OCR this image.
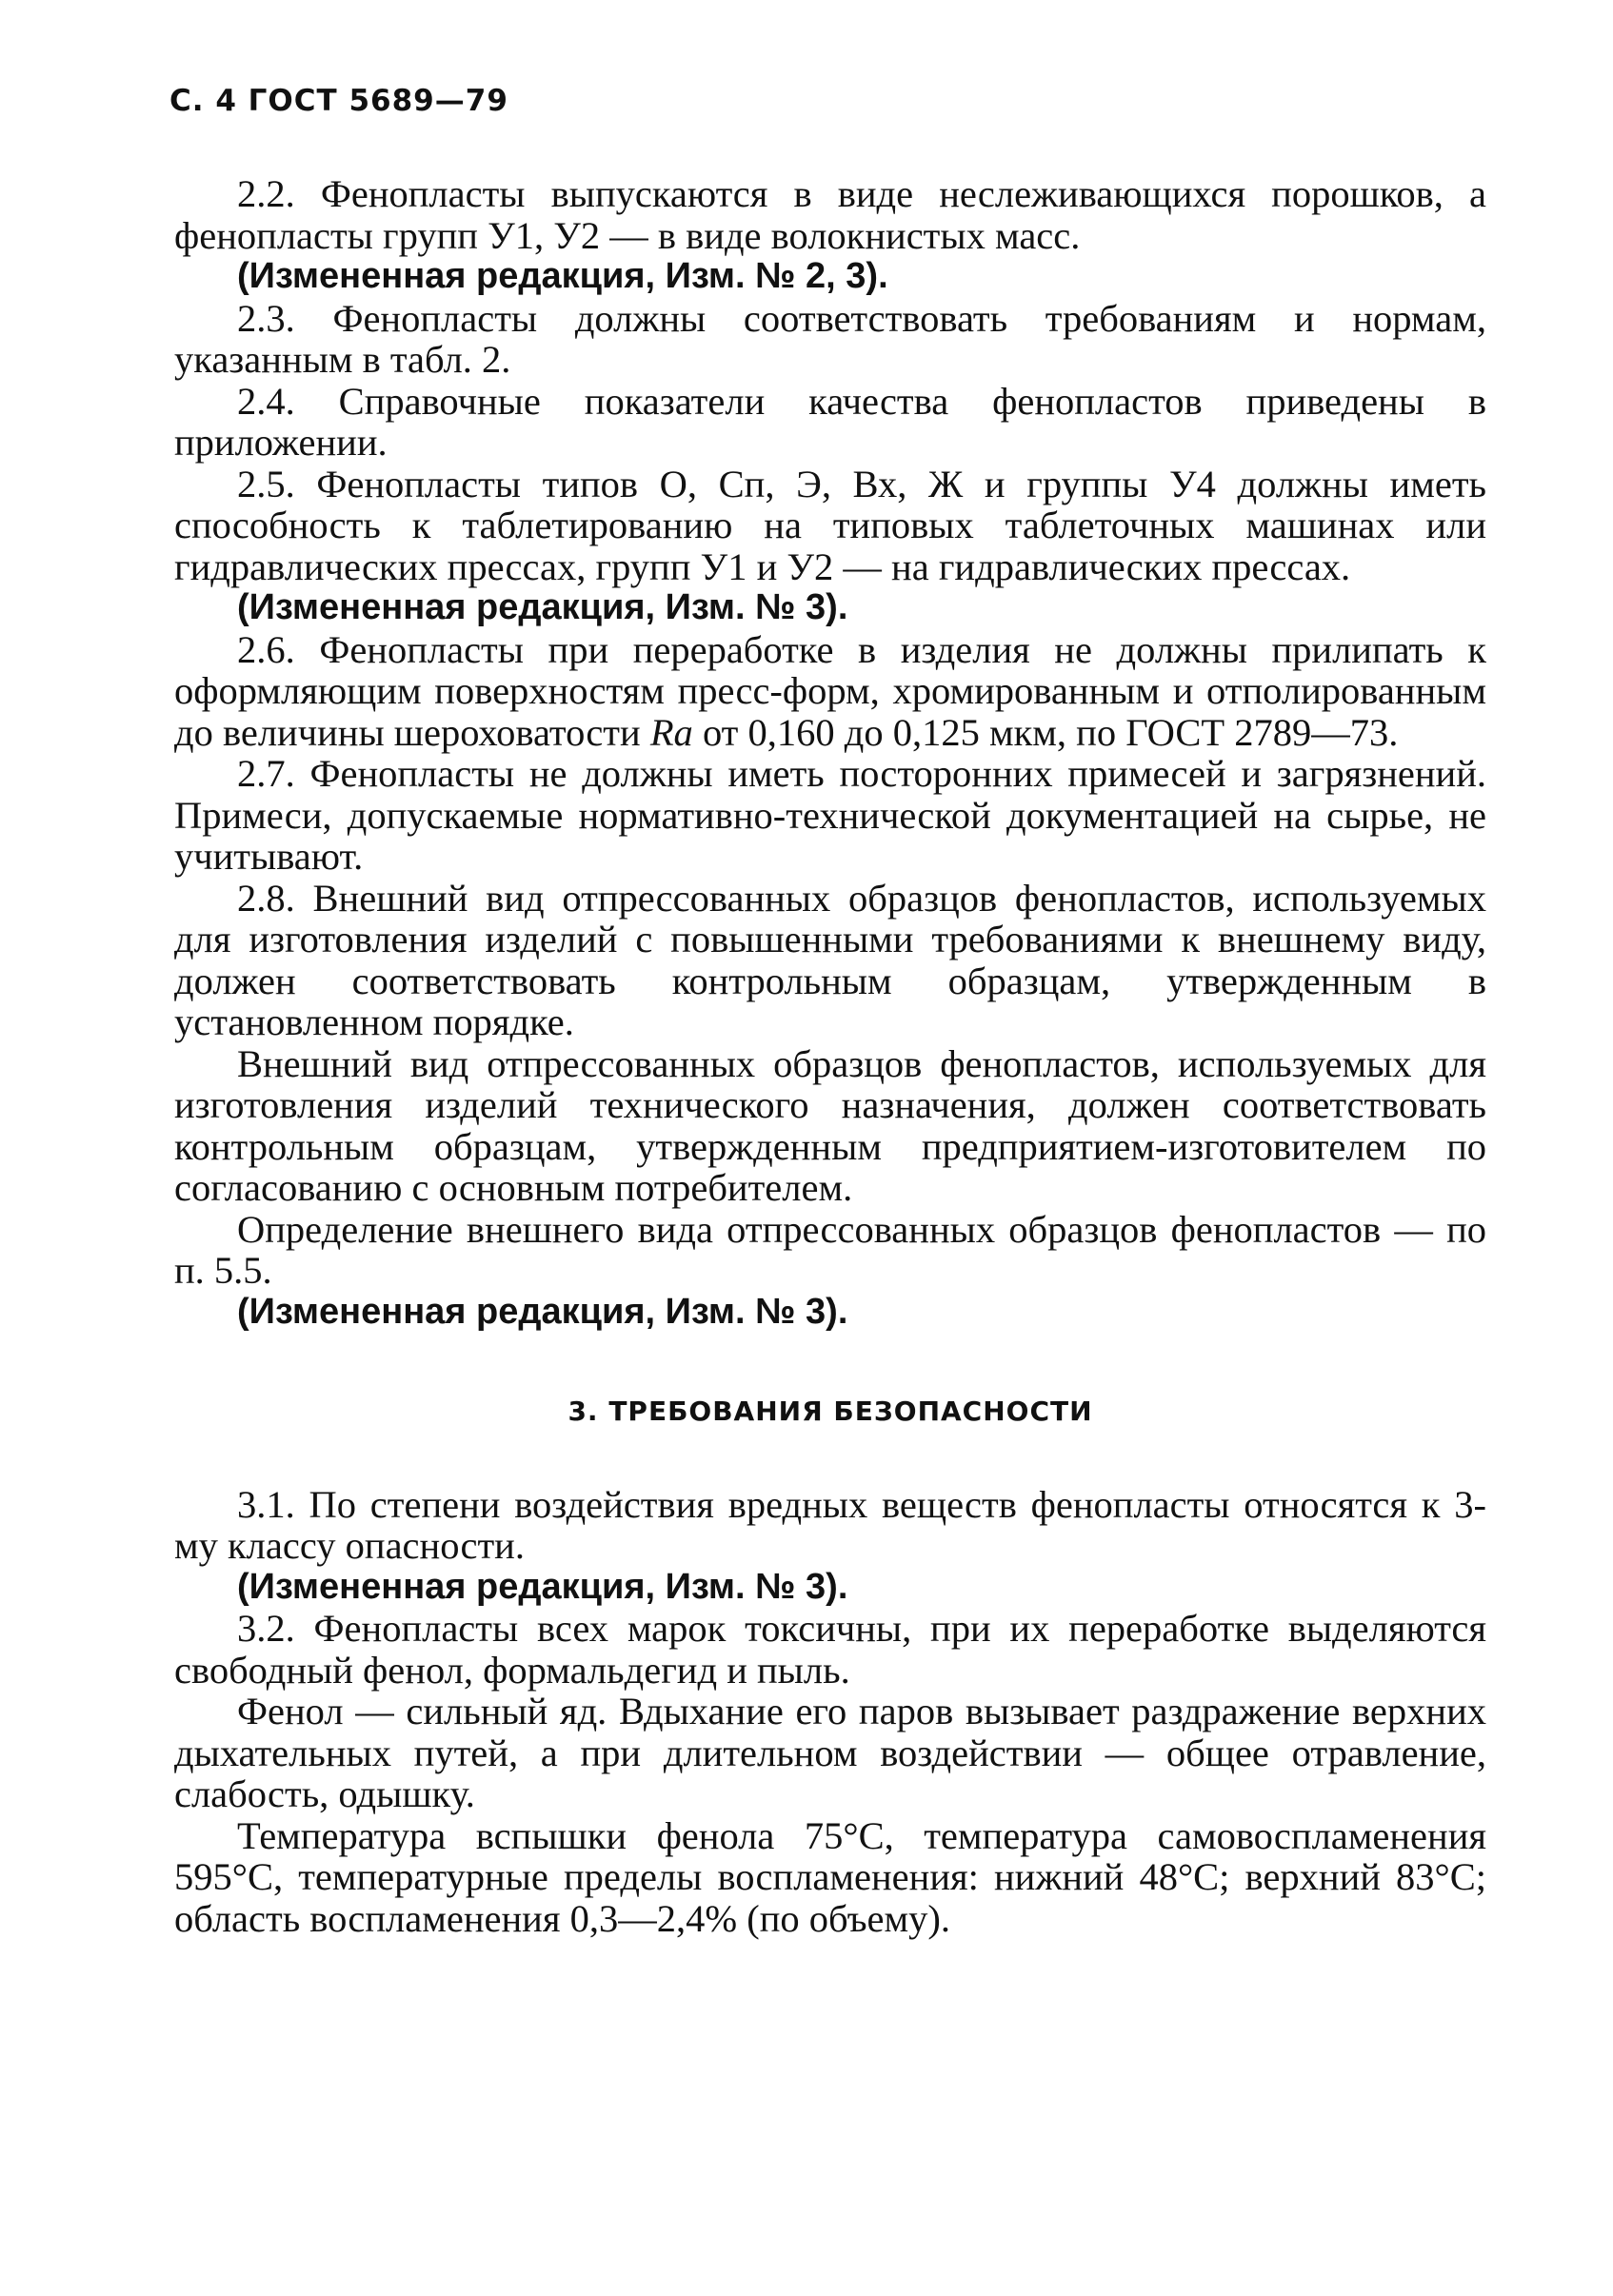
С. 4 ГОСТ 5689—79

2.2. Фенопласты выпускаются в виде неслеживающихся порошков, а фенопласты групп У1, У2 — в виде волокнистых масс.

(Измененная редакция, Изм. № 2, 3).

2.3. Фенопласты должны соответствовать требованиям и нормам, указанным в табл. 2.

2.4. Справочные показатели качества фенопластов приведены в приложении.

2.5. Фенопласты типов О, Сп, Э, Вх, Ж и группы У4 должны иметь способность к таблетированию на типовых таблеточных машинах или гидравлических прессах, групп У1 и У2 — на гидравлических прессах.

(Измененная редакция, Изм. № 3).

2.6. Фенопласты при переработке в изделия не должны прилипать к оформляющим поверхностям пресс-форм, хромированным и отполированным до величины шероховатости Ra от 0,160 до 0,125 мкм, по ГОСТ 2789—73.

2.7. Фенопласты не должны иметь посторонних примесей и загрязнений. Примеси, допускаемые нормативно-технической документацией на сырье, не учитывают.

2.8. Внешний вид отпрессованных образцов фенопластов, используемых для изготовления изделий с повышенными требованиями к внешнему виду, должен соответствовать контрольным образцам, утвержденным в установленном порядке.

Внешний вид отпрессованных образцов фенопластов, используемых для изготовления изделий технического назначения, должен соответствовать контрольным образцам, утвержденным предприятием-изготовителем по согласованию с основным потребителем.

Определение внешнего вида отпрессованных образцов фенопластов — по п. 5.5.

(Измененная редакция, Изм. № 3).

3. ТРЕБОВАНИЯ БЕЗОПАСНОСТИ

3.1. По степени воздействия вредных веществ фенопласты относятся к 3-му классу опасности.

(Измененная редакция, Изм. № 3).

3.2. Фенопласты всех марок токсичны, при их переработке выделяются свободный фенол, формальдегид и пыль.

Фенол — сильный яд. Вдыхание его паров вызывает раздражение верхних дыхательных путей, а при длительном воздействии — общее отравление, слабость, одышку.

Температура вспышки фенола 75°С, температура самовоспламенения 595°С, температурные пределы воспламенения: нижний 48°С; верхний 83°С; область воспламенения 0,3—2,4% (по объему).
